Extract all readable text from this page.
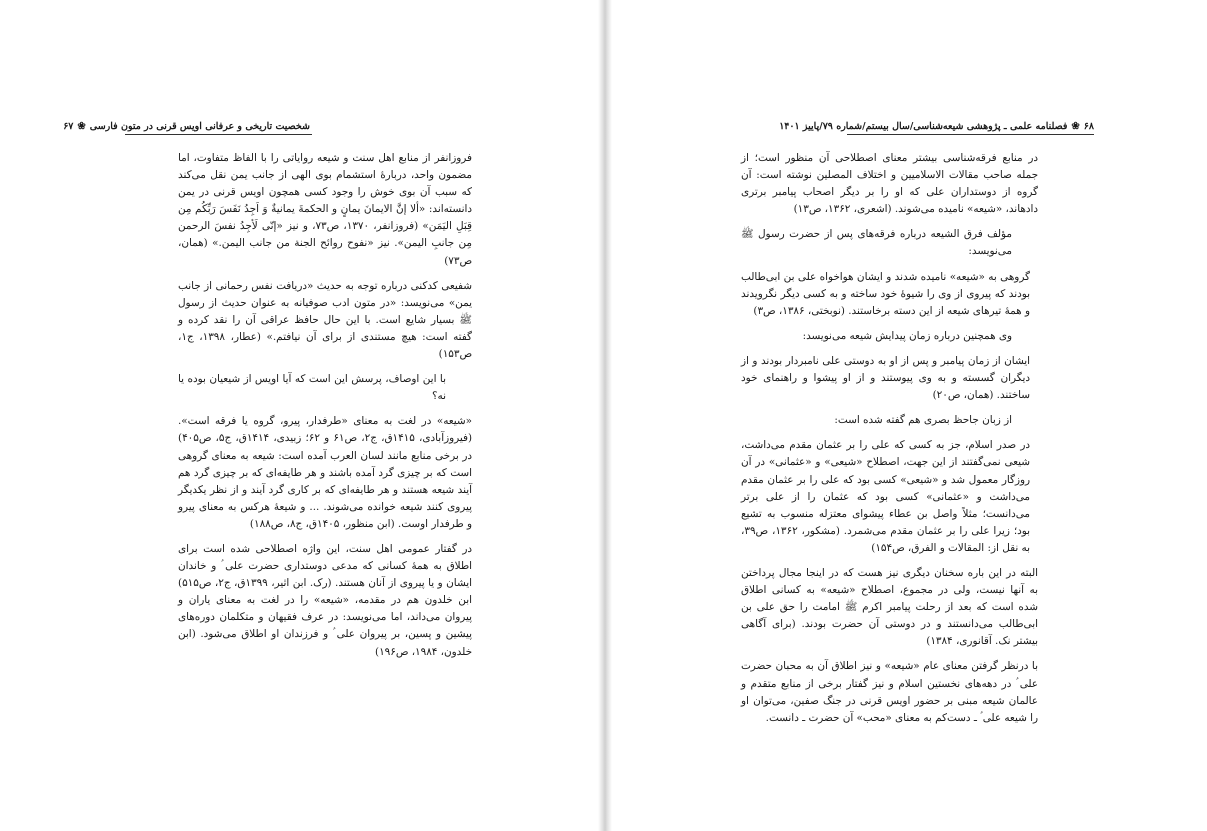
شخصیت تاریخی و عرفانی اویس قرنی در متون فارسی
❀
۶۷

فروزانفر از منابع اهل سنت و شیعه روایاتی را با الفاظ متفاوت، اما مضمون واحد، دربارۀ استشمام بوی الهی از جانب یمن نقل می‌کند که سبب آن بوی خوش را وجود کسی همچون اویس قرنی در یمن دانسته‌اند: «ألا إنَّ الایمانَ یمانٍ و الحکمةَ یمانیةٌ وَ اَجِدُ نَفَسَ رَبِّکُم مِن قِبَلِ الیَمَن» (فروزانفر، ۱۳۷۰، ص۷۳، و نیز «إنّی لَأجِدُ نفسَ الرحمن مِن جانبِ الیمن». نیز «نفوح روائح الجنة من جانب الیمن.» (همان، ص۷۳)

شفیعی کدکنی درباره توجه به حدیث «دریافت نفس رحمانی از جانب یمن» می‌نویسد: «در متون ادب صوفیانه به عنوان حدیث از رسول ﷺ بسیار شایع است. با این حال حافظ عراقی آن را نقد کرده و گفته است: هیچ مستندی از برای آن نیافتم.» (عطار، ۱۳۹۸، ج۱، ص۱۵۳)

با این اوصاف، پرسش این است که آیا اویس از شیعیان بوده یا نه؟

«شیعه» در لغت به معنای «طرفدار، پیرو، گروه یا فرقه است». (فیروزآبادی، ۱۴۱۵ق، ج۲، ص۶۱ و ۶۲؛ زبیدی، ۱۴۱۴ق، ج۵، ص۴۰۵) در برخی منابع مانند لسان العرب آمده است: شیعه به معنای گروهی است که بر چیزی گرد آمده باشند و هر طایفه‌ای که بر چیزی گرد هم آیند شیعه هستند و هر طایفه‌ای که بر کاری گرد آیند و از نظر یکدیگر پیروی کنند شیعه خوانده می‌شوند. ... و شیعۀ هرکس به معنای پیرو و طرفدار اوست. (ابن منظور، ۱۴۰۵ق، ج۸، ص۱۸۸)

در گفتار عمومی اهل سنت، این واژه اصطلاحی شده است برای اطلاق به همۀ کسانی که مدعی دوستداری حضرت علی ؑ و خاندان ایشان و یا پیروی از آنان هستند. (رک. ابن اثیر، ۱۳۹۹ق، ج۲، ص۵۱۵) ابن خلدون هم در مقدمه، «شیعه» را در لغت به معنای یاران و پیروان می‌داند، اما می‌نویسد: در عرف فقیهان و متکلمان دوره‌های پیشین و پسین، بر پیروان علی ؑ و فرزندان او اطلاق می‌شود. (ابن خلدون، ۱۹۸۴، ص۱۹۶)

۶۸
❀
فصلنامه علمی ـ پژوهشی شیعه‌شناسی/سال بیستم/شماره ۷۹/پاییز ۱۴۰۱

در منابع فرقه‌شناسی بیشتر معنای اصطلاحی آن منظور است؛ از جمله صاحب مقالات الاسلامیین و اختلاف المصلین نوشته است: آن گروه از دوستداران علی که او را بر دیگر اصحاب پیامبر برتری دادهاند، «شیعه» نامیده می‌شوند. (اشعری، ۱۳۶۲، ص۱۳)

مؤلف فرق الشیعه درباره فرقه‌های پس از حضرت رسول ﷺ می‌نویسد:

گروهی به «شیعه» نامیده شدند و ایشان هواخواه علی بن ابی‌طالب بودند که پیروی از وی را شیوۀ خود ساخته و به کسی دیگر نگرویدند و همۀ تیرهای شیعه از این دسته برخاستند. (نوبختی، ۱۳۸۶، ص۳)

وی همچنین درباره زمان پیدایش شیعه می‌نویسد:

ایشان از زمان پیامبر و پس از او به دوستی علی نامبردار بودند و از دیگران گسسته و به وی پیوستند و از او پیشوا و راهنمای خود ساختند. (همان، ص۲۰)

از زبان جاحظ بصری هم گفته شده است:

در صدر اسلام، جز به کسی که علی را بر عثمان مقدم می‌داشت، شیعی نمی‌گفتند از این جهت، اصطلاح «شیعی» و «عثمانی» در آن روزگار معمول شد و «شیعی» کسی بود که علی را بر عثمان مقدم می‌داشت و «عثمانی» کسی بود که عثمان را از علی برتر می‌دانست؛ مثلاً واصل بن عطاء پیشوای معتزله منسوب به تشیع بود؛ زیرا علی را بر عثمان مقدم می‌شمرد. (مشکور، ۱۳۶۲، ص۳۹، به نقل از: المقالات و الفرق، ص۱۵۴)

البته در این باره سخنان دیگری نیز هست که در اینجا مجال پرداختن به آنها نیست، ولی در مجموع، اصطلاح «شیعه» به کسانی اطلاق شده است که بعد از رحلت پیامبر اکرم ﷺ امامت را حق علی بن ابی‌طالب می‌دانستند و در دوستی آن حضرت بودند. (برای آگاهی بیشتر نک. آقانوری، ۱۳۸۴)

با درنظر گرفتن معنای عام «شیعه» و نیز اطلاق آن به محبان حضرت علی ؑ در دهه‌های نخستین اسلام و نیز گفتار برخی از منابع متقدم و عالمان شیعه مبنی بر حضور اویس قرنی در جنگ صفین، می‌توان او را شیعه علی ؑ ـ دست‌کم به معنای «محب» آن حضرت ـ دانست.
